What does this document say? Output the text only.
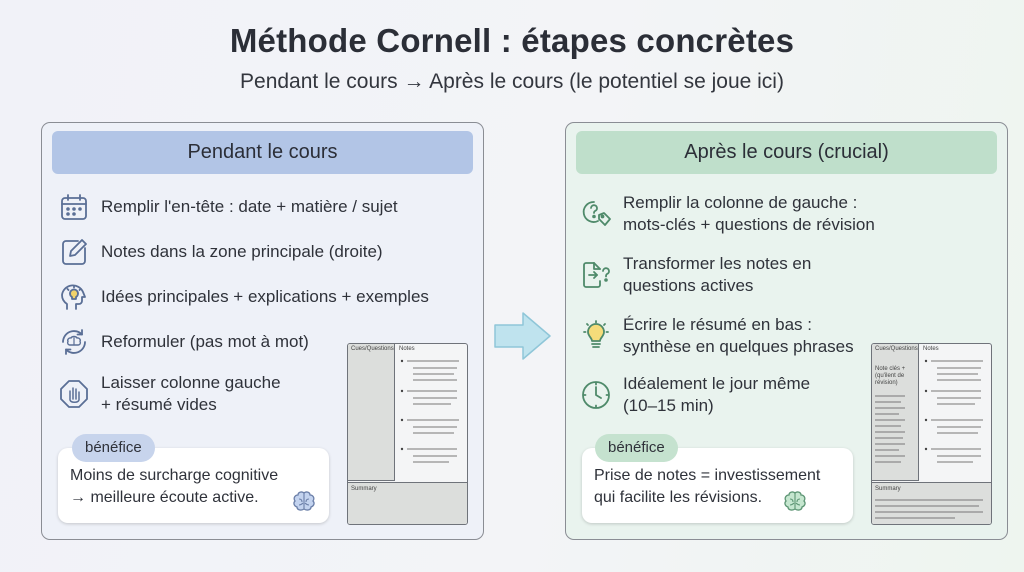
Méthode Cornell : étapes concrètes
Pendant le cours → Après le cours (le potentiel se joue ici)
Pendant le cours
Remplir l'en-tête : date + matière / sujet
Notes dans la zone principale (droite)
Idées principales + explications + exemples
Reformuler (pas mot à mot)
Laisser colonne gauche
+ résumé vides
bénéfice
Moins de surcharge cognitive
→ meilleure écoute active.
Cues/Questions Notes
Summary
Après le cours (crucial)
Remplir la colonne de gauche :
mots-clés + questions de révision
Transformer les notes en
questions actives
Écrire le résumé en bas :
synthèse en quelques phrases
Idéalement le jour même
(10–15 min)
bénéfice
Prise de notes = investissement
qui facilite les révisions.
Cues/Questions
Note clés +
(qu'ilent de
révision)
Notes
Summary
